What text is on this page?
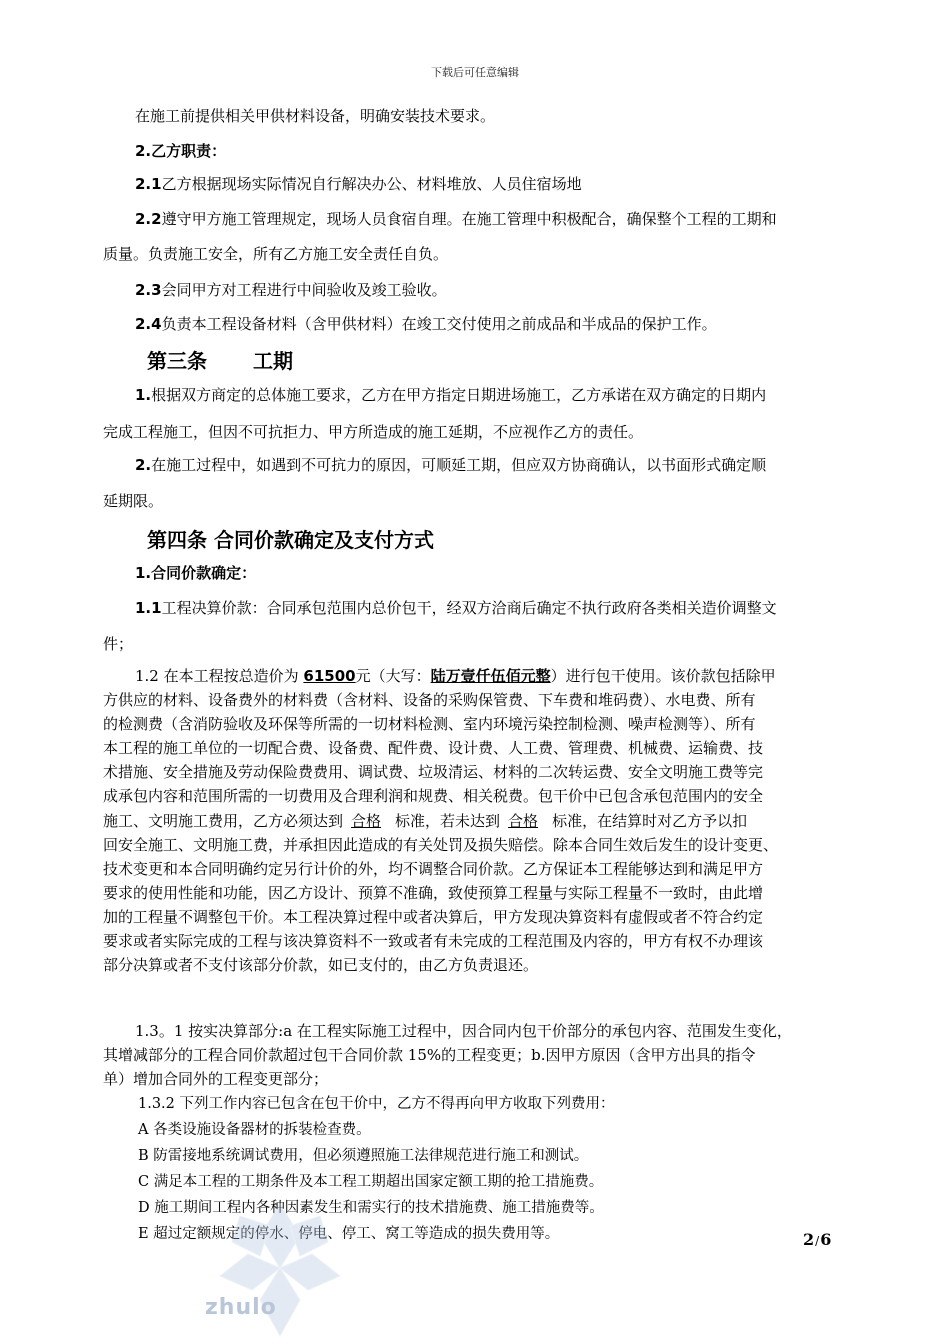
下载后可任意编辑
在施工前提供相关甲供材料设备，明确安装技术要求。
2.乙方职责：
2.1乙方根据现场实际情况自行解决办公、材料堆放、人员住宿场地
2.2遵守甲方施工管理规定，现场人员食宿自理。在施工管理中积极配合，确保整个工程的工期和
质量。负责施工安全，所有乙方施工安全责任自负。
2.3会同甲方对工程进行中间验收及竣工验收。
2.4负责本工程设备材料（含甲供材料）在竣工交付使用之前成品和半成品的保护工作。
第三条 工期
1.根据双方商定的总体施工要求，乙方在甲方指定日期进场施工，乙方承诺在双方确定的日期内
完成工程施工，但因不可抗拒力、甲方所造成的施工延期，不应视作乙方的责任。
2.在施工过程中，如遇到不可抗力的原因，可顺延工期，但应双方协商确认，以书面形式确定顺
延期限。
第四条 合同价款确定及支付方式
1.合同价款确定：
1.1工程决算价款：合同承包范围内总价包干，经双方洽商后确定不执行政府各类相关造价调整文
件；
1.2 在本工程按总造价为 61500元（大写：陆万壹仟伍佰元整）进行包干使用。该价款包括除甲
方供应的材料、设备费外的材料费（含材料、设备的采购保管费、下车费和堆码费）、水电费、所有
的检测费（含消防验收及环保等所需的一切材料检测、室内环境污染控制检测、噪声检测等）、所有
本工程的施工单位的一切配合费、设备费、配件费、设计费、人工费、管理费、机械费、运输费、技
术措施、安全措施及劳动保险费费用、调试费、垃圾清运、材料的二次转运费、安全文明施工费等完
成承包内容和范围所需的一切费用及合理利润和规费、相关税费。包干价中已包含承包范围内的安全
施工、文明施工费用，乙方必须达到 合格 标准，若未达到 合格 标准，在结算时对乙方予以扣
回安全施工、文明施工费，并承担因此造成的有关处罚及损失赔偿。除本合同生效后发生的设计变更、
技术变更和本合同明确约定另行计价的外，均不调整合同价款。乙方保证本工程能够达到和满足甲方
要求的使用性能和功能，因乙方设计、预算不准确，致使预算工程量与实际工程量不一致时，由此增
加的工程量不调整包干价。本工程决算过程中或者决算后，甲方发现决算资料有虚假或者不符合约定
要求或者实际完成的工程与该决算资料不一致或者有未完成的工程范围及内容的，甲方有权不办理该
部分决算或者不支付该部分价款，如已支付的，由乙方负责退还。
1.3。1 按实决算部分:a 在工程实际施工过程中，因合同内包干价部分的承包内容、范围发生变化，
其增减部分的工程合同价款超过包干合同价款 15%的工程变更；b.因甲方原因（含甲方出具的指令
单）增加合同外的工程变更部分；
1.3.2 下列工作内容已包含在包干价中，乙方不得再向甲方收取下列费用：
A 各类设施设备器材的拆装检查费。
B 防雷接地系统调试费用，但必须遵照施工法律规范进行施工和测试。
C 满足本工程的工期条件及本工程工期超出国家定额工期的抢工措施费。
D 施工期间工程内各种因素发生和需实行的技术措施费、施工措施费等。
E 超过定额规定的停水、停电、停工、窝工等造成的损失费用等。	2/6
zhulo
